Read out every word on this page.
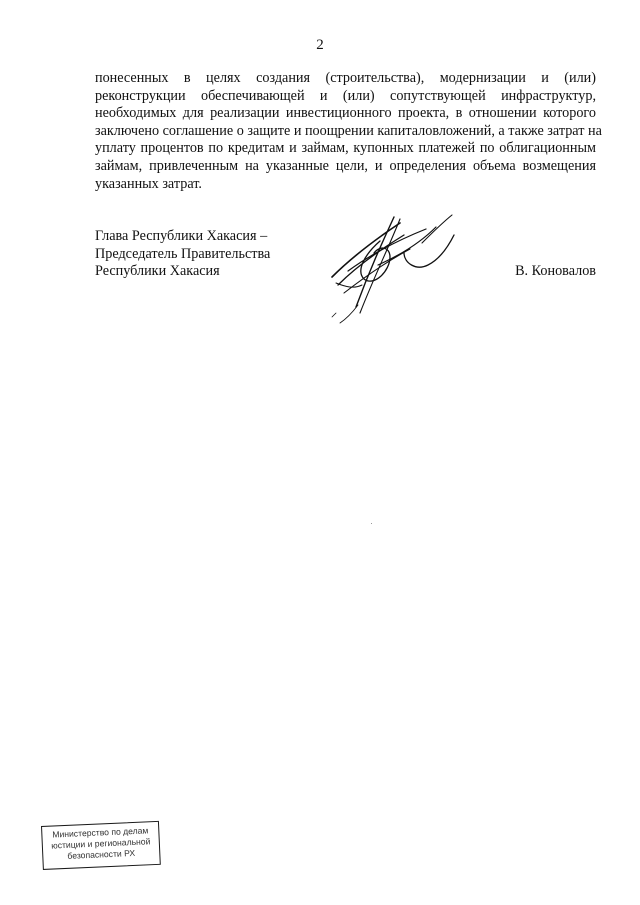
2
понесенных в целях создания (строительства), модернизации и (или)
реконструкции обеспечивающей и (или) сопутствующей инфраструктур,
необходимых для реализации инвестиционного проекта, в отношении которого
заключено соглашение о защите и поощрении капиталовложений, а также затрат на
уплату процентов по кредитам и займам, купонных платежей по облигационным
займам, привлеченным на указанные цели, и определения объема возмещения
указанных затрат.
Глава Республики Хакасия –
Председатель Правительства
Республики Хакасия	В. Коновалов
Министерство по делам
юстиции и региональной
безопасности РХ
